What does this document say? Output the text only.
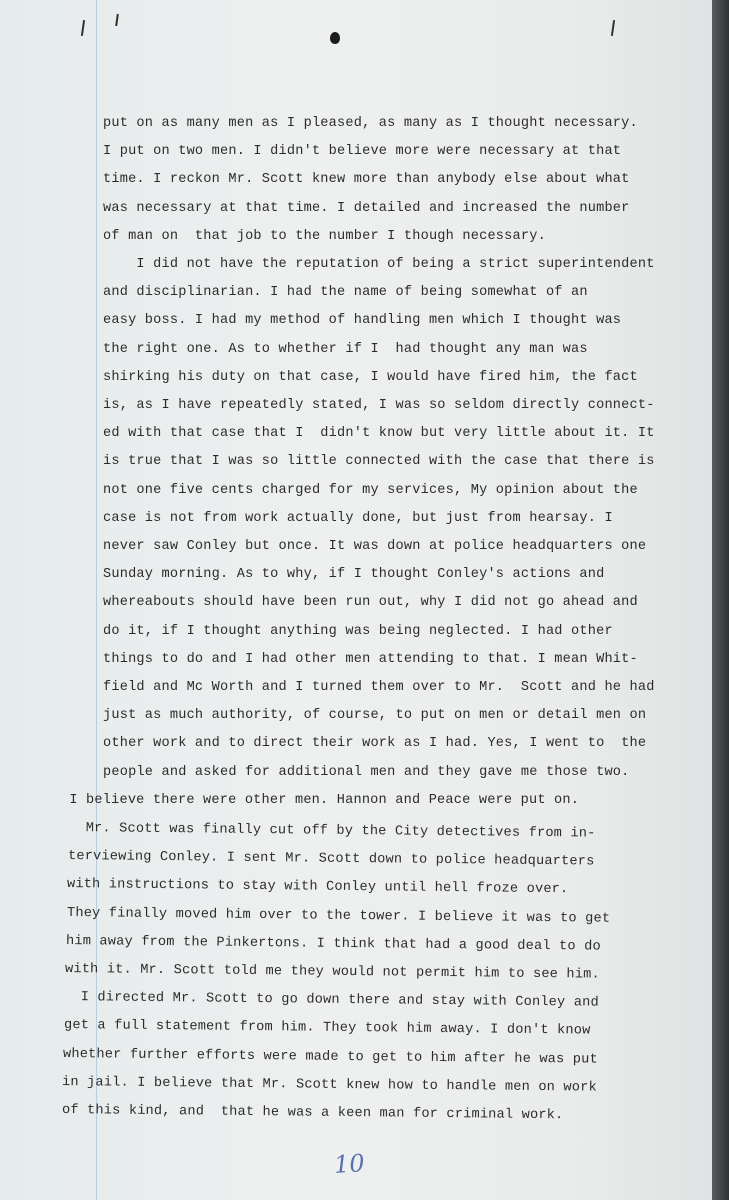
put on as many men as I pleased, as many as I thought necessary.
I put on two men. I didn't believe more were necessary at that
time. I reckon Mr. Scott knew more than anybody else about what
was necessary at that time. I detailed and increased the number
of man on  that job to the number I though necessary.
I did not have the reputation of being a strict superintendent
and disciplinarian. I had the name of being somewhat of an
easy boss. I had my method of handling men which I thought was
the right one. As to whether if I  had thought any man was
shirking his duty on that case, I would have fired him, the fact
is, as I have repeatedly stated, I was so seldom directly connect-
ed with that case that I  didn't know but very little about it. It
is true that I was so little connected with the case that there is
not one five cents charged for my services, My opinion about the
case is not from work actually done, but just from hearsay. I
never saw Conley but once. It was down at police headquarters one
Sunday morning. As to why, if I thought Conley's actions and
whereabouts should have been run out, why I did not go ahead and
do it, if I thought anything was being neglected. I had other
things to do and I had other men attending to that. I mean Whit-
field and Mc Worth and I turned them over to Mr.  Scott and he had
just as much authority, of course, to put on men or detail men on
other work and to direct their work as I had. Yes, I went to  the
people and asked for additional men and they gave me those two.
I believe there were other men. Hannon and Peace were put on.
Mr. Scott was finally cut off by the City detectives from in-
terviewing Conley. I sent Mr. Scott down to police headquarters
with instructions to stay with Conley until hell froze over.
They finally moved him over to the tower. I believe it was to get
him away from the Pinkertons. I think that had a good deal to do
with it. Mr. Scott told me they would not permit him to see him.
I directed Mr. Scott to go down there and stay with Conley and
get a full statement from him. They took him away. I don't know
whether further efforts were made to get to him after he was put
in jail. I believe that Mr. Scott knew how to handle men on work
of this kind, and  that he was a keen man for criminal work.
10
